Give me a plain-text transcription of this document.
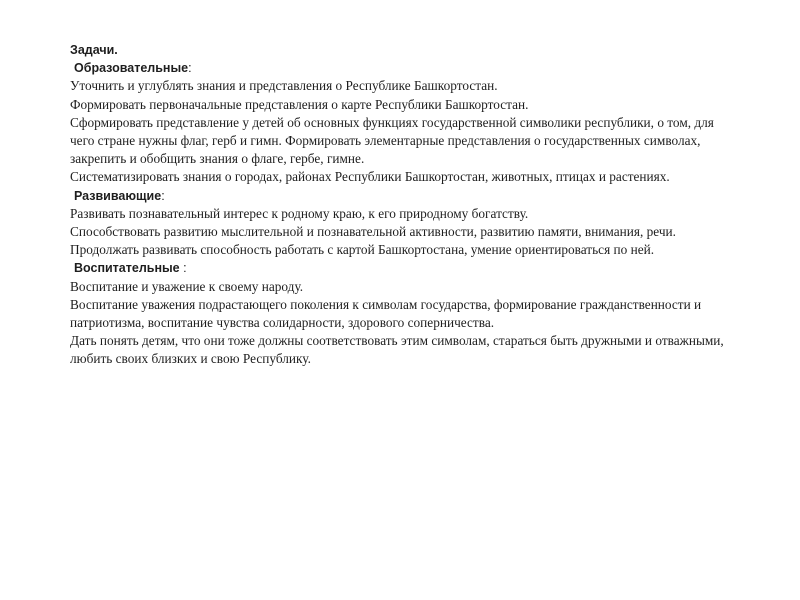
Задачи.
Образовательные:

Уточнить и углублять знания и представления о Республике Башкортостан.

Формировать первоначальные представления о карте Республики Башкортостан.

Сформировать представление у детей об основных функциях государственной символики республики, о том, для чего стране нужны флаг, герб и гимн. Формировать элементарные представления о государственных символах, закрепить и обобщить знания о флаге, гербе, гимне.

Систематизировать знания о городах, районах Республики Башкортостан, животных, птицах и растениях.

Развивающие:

Развивать познавательный интерес к родному краю, к его природному богатству.

Способствовать развитию мыслительной и познавательной активности, развитию памяти, внимания, речи.

Продолжать развивать способность работать с картой Башкортостана, умение ориентироваться по ней.

Воспитательные :

Воспитание и уважение к своему народу.

Воспитание уважения подрастающего поколения к символам государства, формирование гражданственности и патриотизма, воспитание чувства солидарности, здорового соперничества.

Дать понять детям, что они тоже должны соответствовать этим символам, стараться быть дружными и отважными, любить своих близких и свою Республику.
